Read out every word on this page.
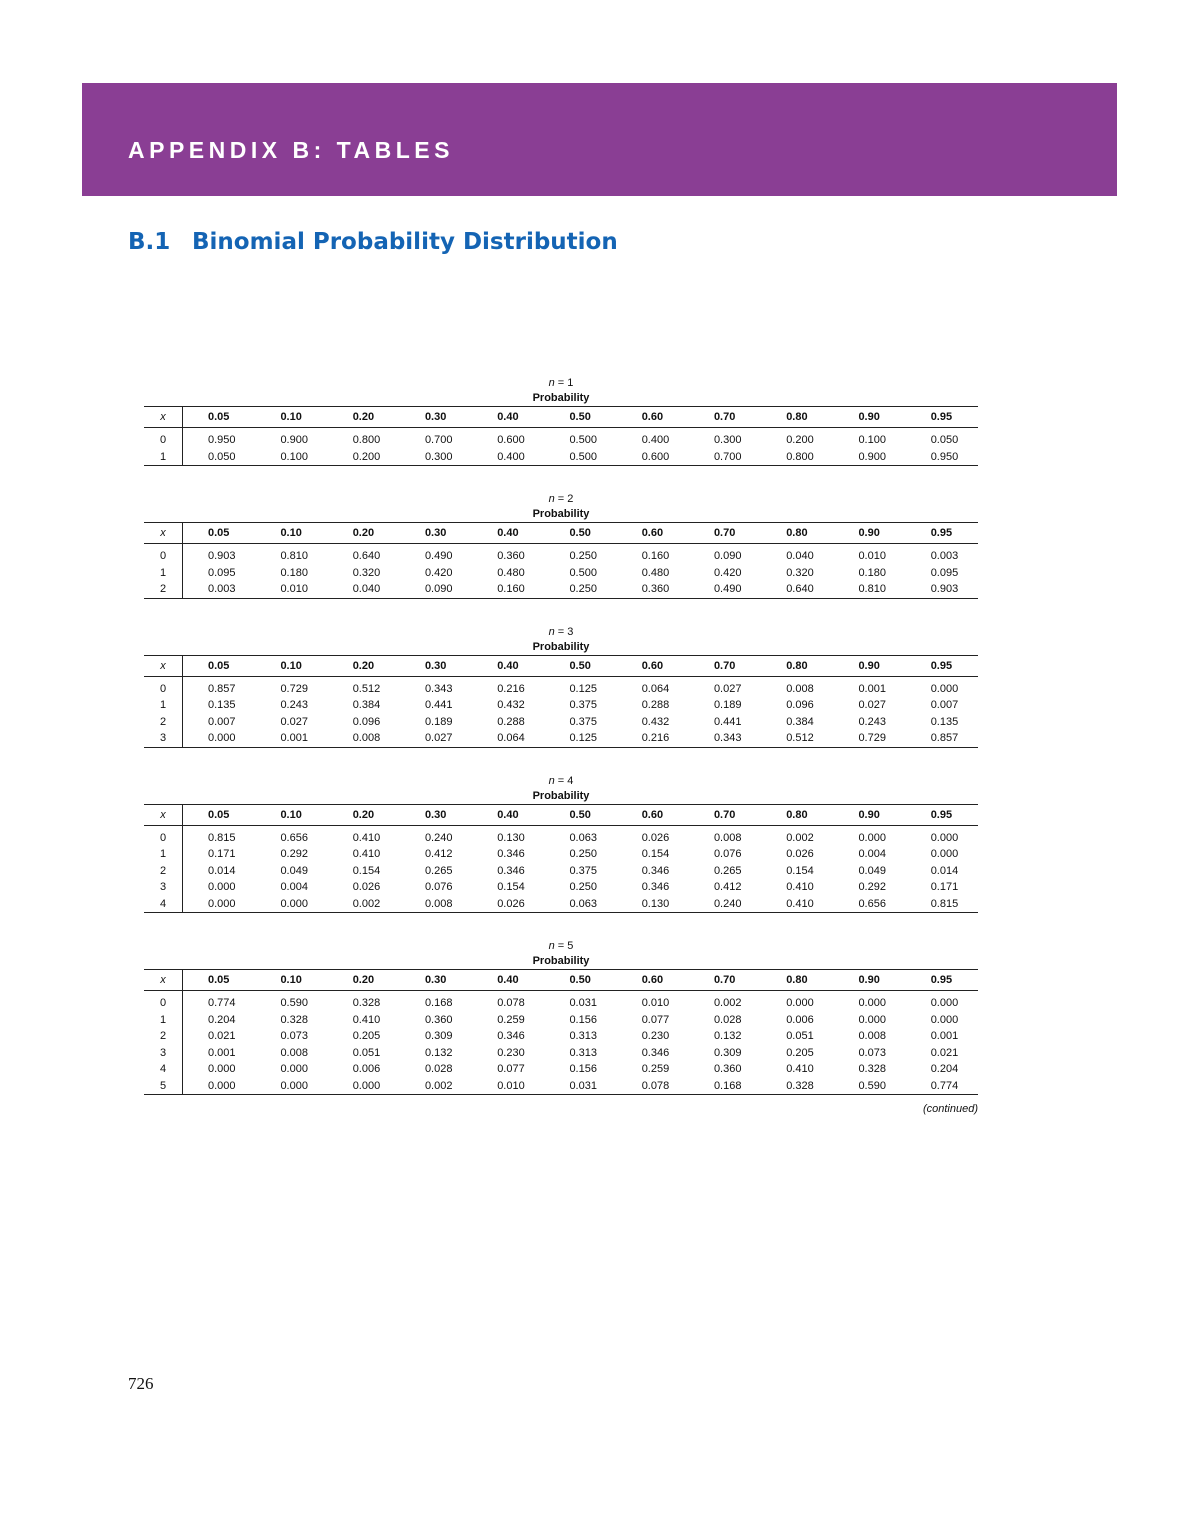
APPENDIX B: TABLES
B.1 Binomial Probability Distribution
n = 1
Probability
x	0.05	0.10	0.20	0.30	0.40	0.50	0.60	0.70	0.80	0.90	0.95
0	0.950	0.900	0.800	0.700	0.600	0.500	0.400	0.300	0.200	0.100	0.050
1	0.050	0.100	0.200	0.300	0.400	0.500	0.600	0.700	0.800	0.900	0.950
n = 2
Probability
x	0.05	0.10	0.20	0.30	0.40	0.50	0.60	0.70	0.80	0.90	0.95
0	0.903	0.810	0.640	0.490	0.360	0.250	0.160	0.090	0.040	0.010	0.003
1	0.095	0.180	0.320	0.420	0.480	0.500	0.480	0.420	0.320	0.180	0.095
2	0.003	0.010	0.040	0.090	0.160	0.250	0.360	0.490	0.640	0.810	0.903
n = 3
Probability
x	0.05	0.10	0.20	0.30	0.40	0.50	0.60	0.70	0.80	0.90	0.95
0	0.857	0.729	0.512	0.343	0.216	0.125	0.064	0.027	0.008	0.001	0.000
1	0.135	0.243	0.384	0.441	0.432	0.375	0.288	0.189	0.096	0.027	0.007
2	0.007	0.027	0.096	0.189	0.288	0.375	0.432	0.441	0.384	0.243	0.135
3	0.000	0.001	0.008	0.027	0.064	0.125	0.216	0.343	0.512	0.729	0.857
n = 4
Probability
x	0.05	0.10	0.20	0.30	0.40	0.50	0.60	0.70	0.80	0.90	0.95
0	0.815	0.656	0.410	0.240	0.130	0.063	0.026	0.008	0.002	0.000	0.000
1	0.171	0.292	0.410	0.412	0.346	0.250	0.154	0.076	0.026	0.004	0.000
2	0.014	0.049	0.154	0.265	0.346	0.375	0.346	0.265	0.154	0.049	0.014
3	0.000	0.004	0.026	0.076	0.154	0.250	0.346	0.412	0.410	0.292	0.171
4	0.000	0.000	0.002	0.008	0.026	0.063	0.130	0.240	0.410	0.656	0.815
n = 5
Probability
x	0.05	0.10	0.20	0.30	0.40	0.50	0.60	0.70	0.80	0.90	0.95
0	0.774	0.590	0.328	0.168	0.078	0.031	0.010	0.002	0.000	0.000	0.000
1	0.204	0.328	0.410	0.360	0.259	0.156	0.077	0.028	0.006	0.000	0.000
2	0.021	0.073	0.205	0.309	0.346	0.313	0.230	0.132	0.051	0.008	0.001
3	0.001	0.008	0.051	0.132	0.230	0.313	0.346	0.309	0.205	0.073	0.021
4	0.000	0.000	0.006	0.028	0.077	0.156	0.259	0.360	0.410	0.328	0.204
5	0.000	0.000	0.000	0.002	0.010	0.031	0.078	0.168	0.328	0.590	0.774
(continued)
726
